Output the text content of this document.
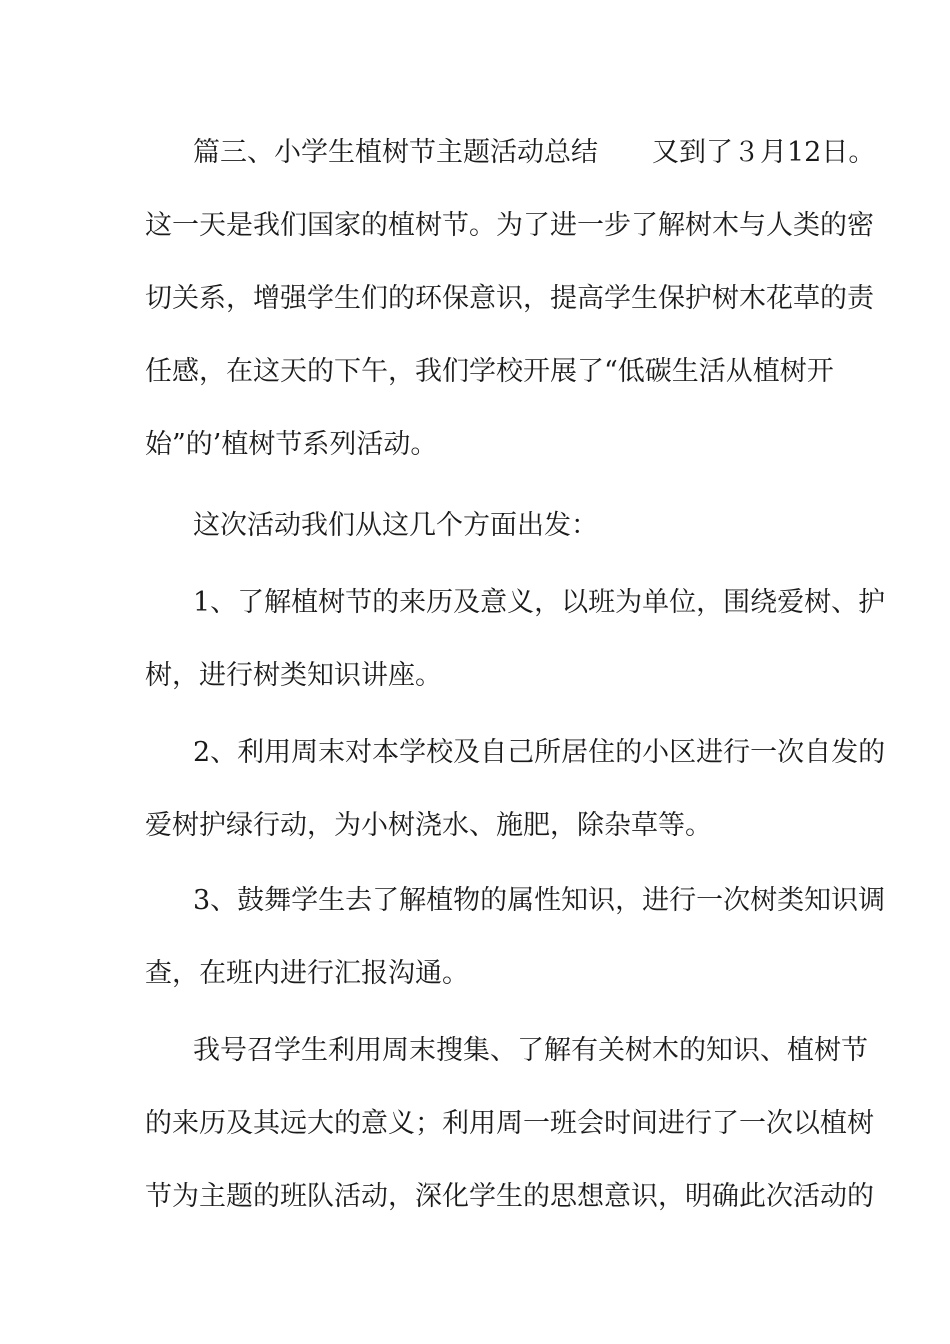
篇三、小学生植树节主题活动总结　　又到了３月12日。
这一天是我们国家的植树节。为了进一步了解树木与人类的密
切关系，增强学生们的环保意识，提高学生保护树木花草的责
任感，在这天的下午，我们学校开展了“低碳生活从植树开
始”的’植树节系列活动。
这次活动我们从这几个方面出发：
1、了解植树节的来历及意义，以班为单位，围绕爱树、护
树，进行树类知识讲座。
2、利用周末对本学校及自己所居住的小区进行一次自发的
爱树护绿行动，为小树浇水、施肥，除杂草等。
3、鼓舞学生去了解植物的属性知识，进行一次树类知识调
查，在班内进行汇报沟通。
我号召学生利用周末搜集、了解有关树木的知识、植树节
的来历及其远大的意义；利用周一班会时间进行了一次以植树
节为主题的班队活动，深化学生的思想意识，明确此次活动的
